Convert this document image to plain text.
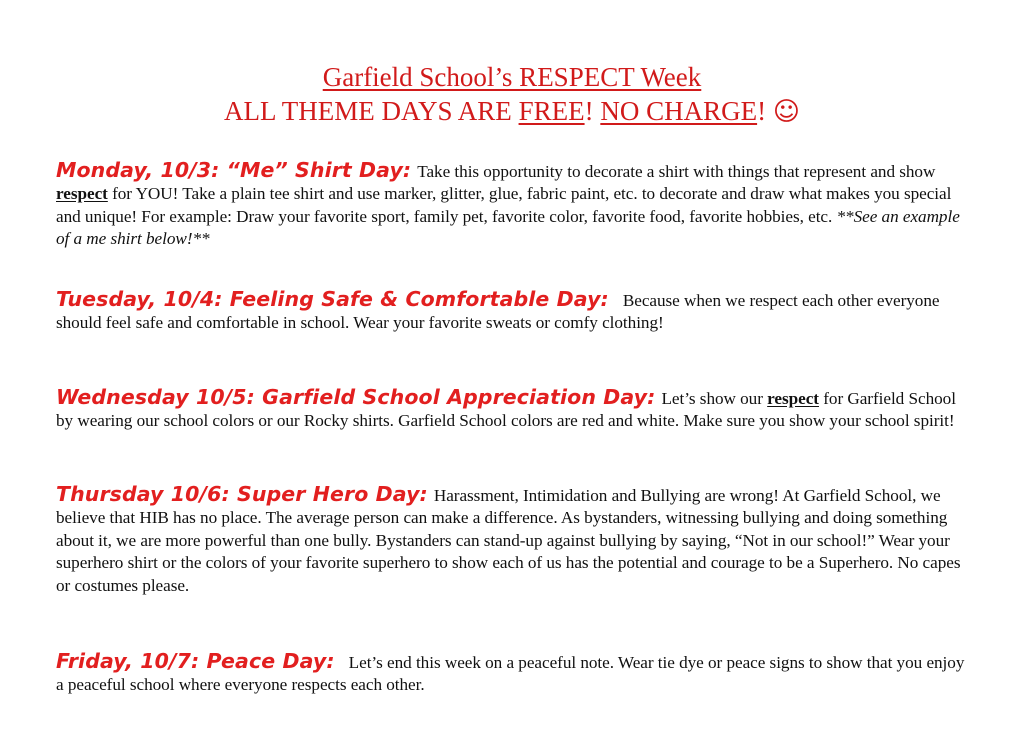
Garfield School’s RESPECT Week
ALL THEME DAYS ARE FREE! NO CHARGE! ☺
Monday, 10/3: “Me” Shirt Day: Take this opportunity to decorate a shirt with things that represent and show respect for YOU! Take a plain tee shirt and use marker, glitter, glue, fabric paint, etc. to decorate and draw what makes you special and unique! For example: Draw your favorite sport, family pet, favorite color, favorite food, favorite hobbies, etc. **See an example of a me shirt below!**
Tuesday, 10/4: Feeling Safe & Comfortable Day: Because when we respect each other everyone should feel safe and comfortable in school. Wear your favorite sweats or comfy clothing!
Wednesday 10/5: Garfield School Appreciation Day: Let’s show our respect for Garfield School by wearing our school colors or our Rocky shirts. Garfield School colors are red and white. Make sure you show your school spirit!
Thursday 10/6: Super Hero Day: Harassment, Intimidation and Bullying are wrong! At Garfield School, we believe that HIB has no place. The average person can make a difference. As bystanders, witnessing bullying and doing something about it, we are more powerful than one bully. Bystanders can stand-up against bullying by saying, “Not in our school!” Wear your superhero shirt or the colors of your favorite superhero to show each of us has the potential and courage to be a Superhero. No capes or costumes please.
Friday, 10/7: Peace Day: Let’s end this week on a peaceful note. Wear tie dye or peace signs to show that you enjoy a peaceful school where everyone respects each other.
